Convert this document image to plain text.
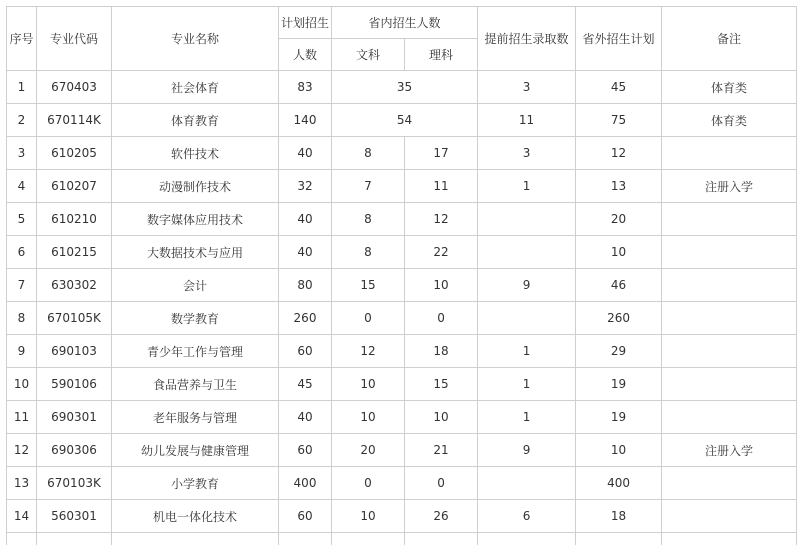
序号	专业代码	专业名称	计划招生	省内招生人数		提前招生录取数	省外招生计划	备注
			人数	文科	理科			
1	670403	社会体育	83	35		3	45	体育类
2	670114K	体育教育	140	54		11	75	体育类
3	610205	软件技术	40	8	17	3	12	
4	610207	动漫制作技术	32	7	11	1	13	注册入学
5	610210	数字媒体应用技术	40	8	12		20	
6	610215	大数据技术与应用	40	8	22		10	
7	630302	会计	80	15	10	9	46	
8	670105K	数学教育	260	0	0		260	
9	690103	青少年工作与管理	60	12	18	1	29	
10	590106	食品营养与卫生	45	10	15	1	19	
11	690301	老年服务与管理	40	10	10	1	19	
12	690306	幼儿发展与健康管理	60	20	21	9	10	注册入学
13	670103K	小学教育	400	0	0		400	
14	560301	机电一体化技术	60	10	26	6	18	
